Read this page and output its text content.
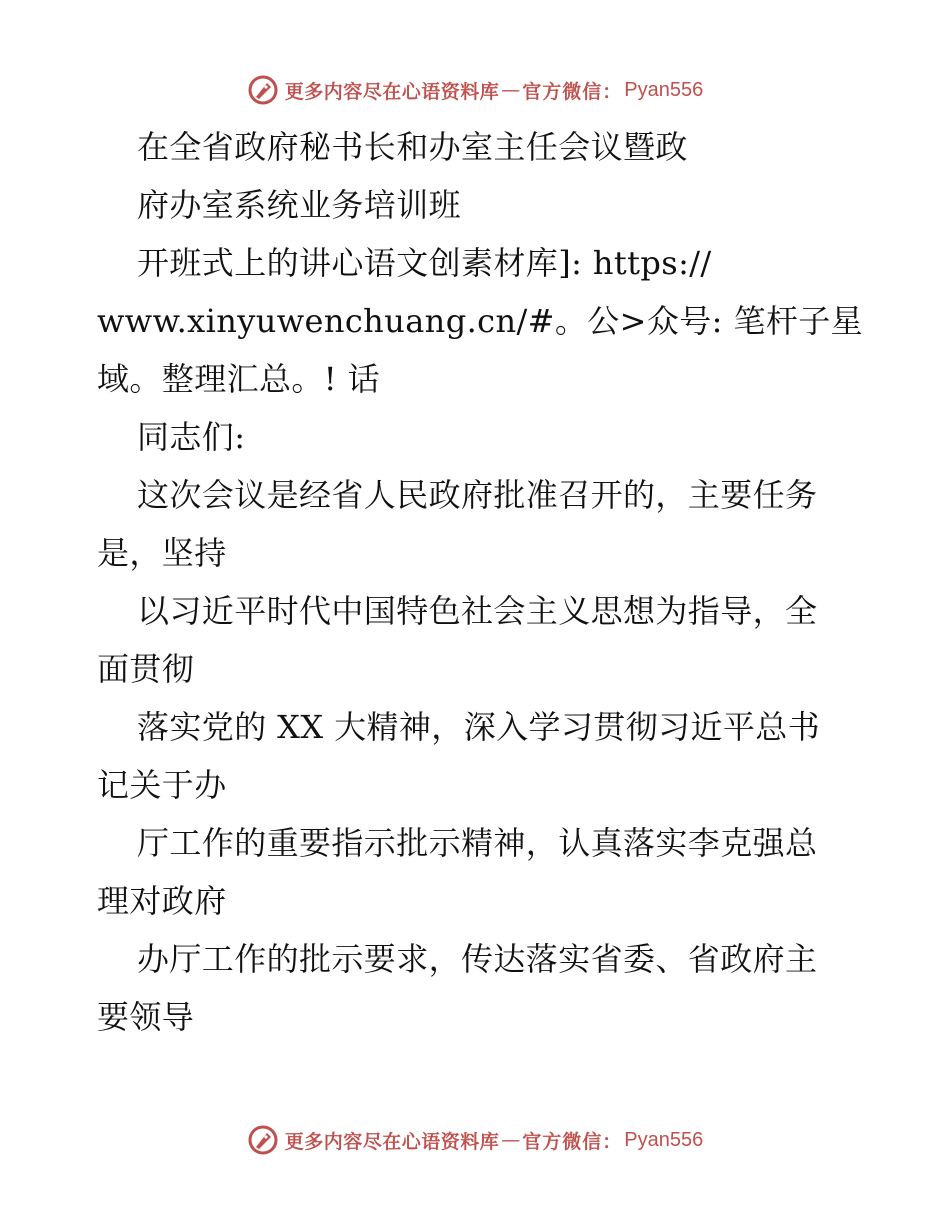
更多内容尽在心语资料库 — 官方微信： Pyan556
在全省政府秘书长和办室主任会议暨政
府办室系统业务培训班
开班式上的讲心语文创素材库]: https://
www.xinyuwenchuang.cn/#。公>众号: 笔杆子星
域。整理汇总。! 话
同志们:
这次会议是经省人民政府批准召开的，主要任务
是，坚持
以习近平时代中国特色社会主义思想为指导，全
面贯彻
落实党的 XX 大精神，深入学习贯彻习近平总书
记关于办
厅工作的重要指示批示精神，认真落实李克强总
理对政府
办厅工作的批示要求，传达落实省委、省政府主
要领导
更多内容尽在心语资料库 — 官方微信： Pyan556
